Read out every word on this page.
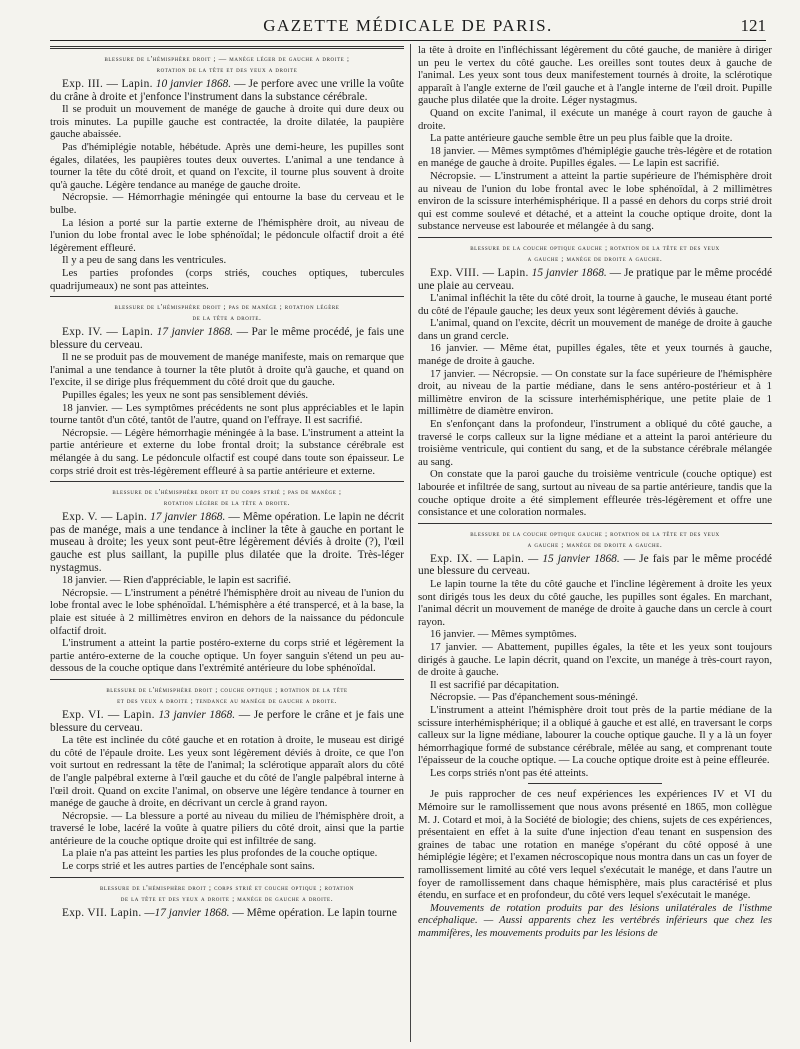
GAZETTE MÉDICALE DE PARIS.	121
blessure de l'hémisphère droit ; — manége léger de gauche a droite ;
rotation de la tête et des yeux a droite

Exp. III. — Lapin. 10 janvier 1868. — Je perfore avec une vrille la voûte du crâne à droite et j'enfonce l'instrument dans la substance cérébrale.

Il se produit un mouvement de manége de gauche à droite qui dure deux ou trois minutes. La pupille gauche est contractée, la droite dilatée, la paupière gauche abaissée.

Pas d'hémiplégie notable, hébétude. Après une demi-heure, les pupilles sont égales, dilatées, les paupières toutes deux ouvertes. L'animal a une tendance à tourner la tête du côté droit, et quand on l'excite, il tourne plus souvent à droite qu'à gauche. Légère tendance au manége de gauche droite.

Nécropsie. — Hémorrhagie méningée qui entourne la base du cerveau et le bulbe.

La lésion a porté sur la partie externe de l'hémisphère droit, au niveau de l'union du lobe frontal avec le lobe sphénoïdal; le pédoncule olfactif droit a été légèrement effleuré.

Il y a peu de sang dans les ventricules.

Les parties profondes (corps striés, couches optiques, tubercules quadrijumeaux) ne sont pas atteintes.

blessure de l'hémisphère droit ; pas de manége ; rotation légère
de la tête a droite.

Exp. IV. — Lapin. 17 janvier 1868. — Par le même procédé, je fais une blessure du cerveau.

Il ne se produit pas de mouvement de manége manifeste, mais on remarque que l'animal a une tendance à tourner la tête plutôt à droite qu'à gauche, et quand on l'excite, il se dirige plus fréquemment du côté droit que du gauche.

Pupilles égales; les yeux ne sont pas sensiblement déviés.

18 janvier. — Les symptômes précédents ne sont plus appréciables et le lapin tourne tantôt d'un côté, tantôt de l'autre, quand on l'effraye. Il est sacrifié.

Nécropsie. — Légère hémorrhagie méningée à la base. L'instrument a atteint la partie antérieure et externe du lobe frontal droit; la substance cérébrale est mélangée à du sang. Le pédoncule olfactif est coupé dans toute son épaisseur. Le corps strié droit est très-légèrement effleuré à sa partie antérieure et externe.

blessure de l'hémisphère droit et du corps strié ; pas de manége ;
rotation légère de la tête a droite.

Exp. V. — Lapin. 17 janvier 1868. — Même opération. Le lapin ne décrit pas de manége, mais a une tendance à incliner la tête à gauche en portant le museau à droite; les yeux sont peut-être légèrement déviés à droite (?), l'œil gauche est plus saillant, la pupille plus dilatée que la droite. Très-léger nystagmus.

18 janvier. — Rien d'appréciable, le lapin est sacrifié.

Nécropsie. — L'instrument a pénétré l'hémisphère droit au niveau de l'union du lobe frontal avec le lobe sphénoïdal. L'hémisphère a été transpercé, et à la base, la plaie est située à 2 millimètres environ en dehors de la naissance du pédoncule olfactif droit.

L'instrument a atteint la partie postéro-externe du corps strié et légèrement la partie antéro-externe de la couche optique. Un foyer sanguin s'étend un peu au-dessous de la couche optique dans l'extrémité antérieure du lobe sphénoïdal.

blessure de l'hémisphère droit ; couche optique ; rotation de la tête
et des yeux a droite ; tendance au manége de gauche a droite.

Exp. VI. — Lapin. 13 janvier 1868. — Je perfore le crâne et je fais une blessure du cerveau.

La tête est inclinée du côté gauche et en rotation à droite, le museau est dirigé du côté de l'épaule droite. Les yeux sont légèrement déviés à droite, ce que l'on voit surtout en redressant la tête de l'animal; la sclérotique apparaît alors du côté de l'angle palpébral externe à l'œil gauche et du côté de l'angle palpébral interne à l'œil droit. Quand on excite l'animal, on observe une légère tendance à tourner en manége de gauche à droite, en décrivant un cercle à grand rayon.

Nécropsie. — La blessure a porté au niveau du milieu de l'hémisphère droit, a traversé le lobe, lacéré la voûte à quatre piliers du côté droit, ainsi que la partie antérieure de la couche optique droite qui est infiltrée de sang.

La plaie n'a pas atteint les parties les plus profondes de la couche optique.

Le corps strié et les autres parties de l'encéphale sont sains.

blessure de l'hémisphère droit ; corps strié et couche optique ; rotation
de la tête et des yeux a droite ; manége de gauche a droite.

Exp. VII. Lapin. —17 janvier 1868. — Même opération. Le lapin tourne

la tête à droite en l'infléchissant légèrement du côté gauche, de manière à diriger un peu le vertex du côté gauche. Les oreilles sont toutes deux à gauche de l'animal. Les yeux sont tous deux manifestement tournés à droite, la sclérotique apparaît à l'angle externe de l'œil gauche et à l'angle interne de l'œil droit. Pupille gauche plus dilatée que la droite. Léger nystagmus.

Quand on excite l'animal, il exécute un manége à court rayon de gauche à droite.

La patte antérieure gauche semble être un peu plus faible que la droite.

18 janvier. — Mêmes symptômes d'hémiplégie gauche très-légère et de rotation en manége de gauche à droite. Pupilles égales. — Le lapin est sacrifié.

Nécropsie. — L'instrument a atteint la partie supérieure de l'hémisphère droit au niveau de l'union du lobe frontal avec le lobe sphénoïdal, à 2 millimètres environ de la scissure interhémisphérique. Il a passé en dehors du corps strié droit qui est comme soulevé et détaché, et a atteint la couche optique droite, dont la substance nerveuse est labourée et mélangée à du sang.

blessure de la couche optique gauche ; rotation de la tête et des yeux
a gauche ; manége de droite a gauche.

Exp. VIII. — Lapin. 15 janvier 1868. — Je pratique par le même procédé une plaie au cerveau.

L'animal infléchit la tête du côté droit, la tourne à gauche, le museau étant porté du côté de l'épaule gauche; les deux yeux sont légèrement déviés à gauche.

L'animal, quand on l'excite, décrit un mouvement de manége de droite à gauche dans un grand cercle.

16 janvier. — Même état, pupilles égales, tête et yeux tournés à gauche, manége de droite à gauche.

17 janvier. — Nécropsie. — On constate sur la face supérieure de l'hémisphère droit, au niveau de la partie médiane, dans le sens antéro-postérieur et à 1 millimètre environ de la scissure interhémisphérique, une petite plaie de 1 millimètre de diamètre environ.

En s'enfonçant dans la profondeur, l'instrument a obliqué du côté gauche, a traversé le corps calleux sur la ligne médiane et a atteint la paroi antérieure du troisième ventricule, qui contient du sang, et de la substance cérébrale mélangée au sang.

On constate que la paroi gauche du troisième ventricule (couche optique) est labourée et infiltrée de sang, surtout au niveau de sa partie antérieure, tandis que la couche optique droite a été simplement effleurée très-légèrement et offre une consistance et une coloration normales.

blessure de la couche optique gauche ; rotation de la tête et des yeux
a gauche ; manége de droite a gauche.

Exp. IX. — Lapin. — 15 janvier 1868. — Je fais par le même procédé une blessure du cerveau.

Le lapin tourne la tête du côté gauche et l'incline légèrement à droite les yeux sont dirigés tous les deux du côté gauche, les pupilles sont égales. En marchant, l'animal décrit un mouvement de manége de droite à gauche dans un cercle à court rayon.

16 janvier. — Mêmes symptômes.

17 janvier. — Abattement, pupilles égales, la tête et les yeux sont toujours dirigés à gauche. Le lapin décrit, quand on l'excite, un manége à très-court rayon, de droite à gauche.

Il est sacrifié par décapitation.

Nécropsie. — Pas d'épanchement sous-méningé.

L'instrument a atteint l'hémisphère droit tout près de la partie médiane de la scissure interhémisphérique; il a obliqué à gauche et est allé, en traversant le corps calleux sur la ligne médiane, labourer la couche optique gauche. Il y a là un foyer hémorrhagique formé de substance cérébrale, mêlée au sang, et comprenant toute l'épaisseur de la couche optique. — La couche optique droite est à peine effleurée.

Les corps striés n'ont pas été atteints.

Je puis rapprocher de ces neuf expériences les expériences IV et VI du Mémoire sur le ramollissement que nous avons présenté en 1865, mon collègue M. J. Cotard et moi, à la Société de biologie; des chiens, sujets de ces expériences, présentaient en effet à la suite d'une injection d'eau tenant en suspension des graines de tabac une rotation en manége s'opérant du côté opposé à une hémiplégie légère; et l'examen nécroscopique nous montra dans un cas un foyer de ramollissement limité au côté vers lequel s'exécutait le manége, et dans l'autre un foyer de ramollissement dans chaque hémisphère, mais plus caractérisé et plus étendu, en surface et en profondeur, du côté vers lequel s'exécutait le manége.

Mouvements de rotation produits par des lésions unilatérales de l'isthme encéphalique. — Aussi apparents chez les vertébrés inférieurs que chez les mammifères, les mouvements produits par les lésions de
